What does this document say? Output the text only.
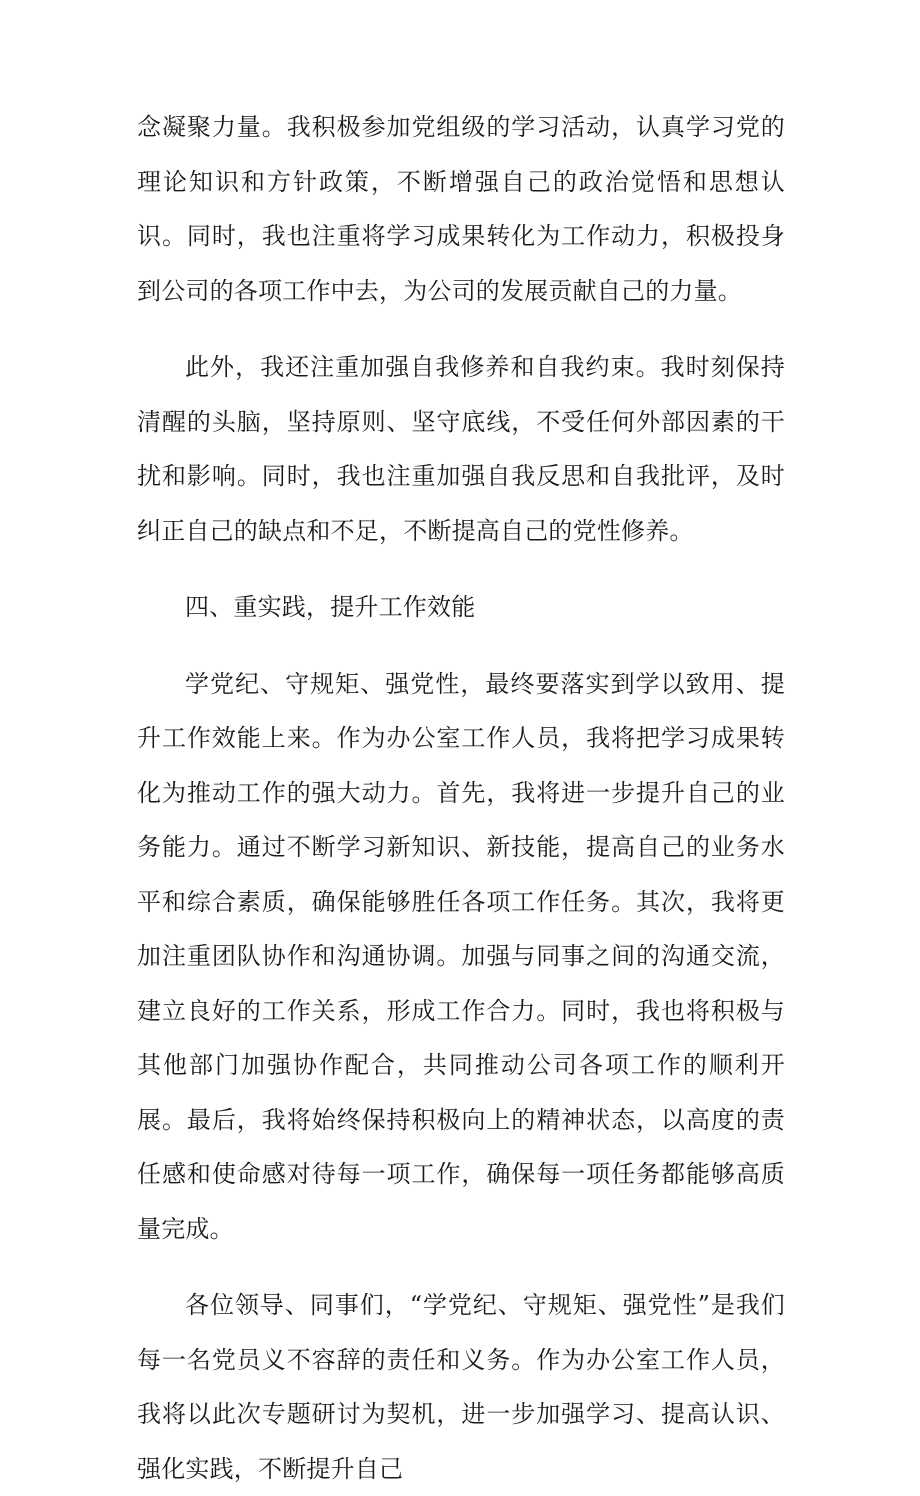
念凝聚力量。我积极参加党组级的学习活动，认真学习党的理论知识和方针政策，不断增强自己的政治觉悟和思想认识。同时，我也注重将学习成果转化为工作动力，积极投身到公司的各项工作中去，为公司的发展贡献自己的力量。

此外，我还注重加强自我修养和自我约束。我时刻保持清醒的头脑，坚持原则、坚守底线，不受任何外部因素的干扰和影响。同时，我也注重加强自我反思和自我批评，及时纠正自己的缺点和不足，不断提高自己的党性修养。

四、重实践，提升工作效能

学党纪、守规矩、强党性，最终要落实到学以致用、提升工作效能上来。作为办公室工作人员，我将把学习成果转化为推动工作的强大动力。首先，我将进一步提升自己的业务能力。通过不断学习新知识、新技能，提高自己的业务水平和综合素质，确保能够胜任各项工作任务。其次，我将更加注重团队协作和沟通协调。加强与同事之间的沟通交流，建立良好的工作关系，形成工作合力。同时，我也将积极与其他部门加强协作配合，共同推动公司各项工作的顺利开展。最后，我将始终保持积极向上的精神状态，以高度的责任感和使命感对待每一项工作，确保每一项任务都能够高质量完成。

各位领导、同事们，“学党纪、守规矩、强党性”是我们每一名党员义不容辞的责任和义务。作为办公室工作人员，我将以此次专题研讨为契机，进一步加强学习、提高认识、强化实践，不断提升自己
